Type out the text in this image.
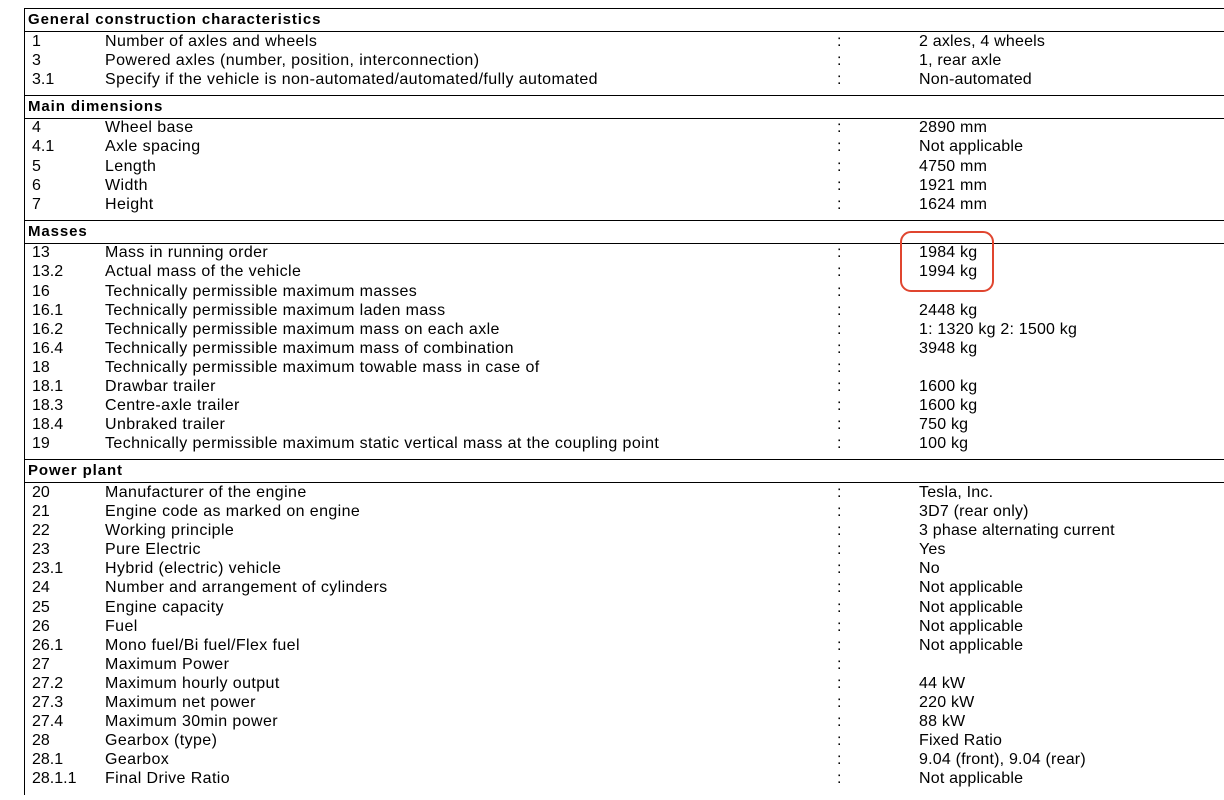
General construction characteristics
1	Number of axles and wheels	:	2 axles, 4 wheels
3	Powered axles (number, position, interconnection)	:	1, rear axle
3.1	Specify if the vehicle is non-automated/automated/fully automated	:	Non-automated
Main dimensions
4	Wheel base	:	2890 mm
4.1	Axle spacing	:	Not applicable
5	Length	:	4750 mm
6	Width	:	1921 mm
7	Height	:	1624 mm
Masses
13	Mass in running order	:	1984 kg
13.2	Actual mass of the vehicle	:	1994 kg
16	Technically permissible maximum masses	:
16.1	Technically permissible maximum laden mass	:	2448 kg
16.2	Technically permissible maximum mass on each axle	:	1: 1320 kg 2: 1500 kg
16.4	Technically permissible maximum mass of combination	:	3948 kg
18	Technically permissible maximum towable mass in case of	:
18.1	Drawbar trailer	:	1600 kg
18.3	Centre-axle trailer	:	1600 kg
18.4	Unbraked trailer	:	750 kg
19	Technically permissible maximum static vertical mass at the coupling point	:	100 kg
Power plant
20	Manufacturer of the engine	:	Tesla, Inc.
21	Engine code as marked on engine	:	3D7 (rear only)
22	Working principle	:	3 phase alternating current
23	Pure Electric	:	Yes
23.1	Hybrid (electric) vehicle	:	No
24	Number and arrangement of cylinders	:	Not applicable
25	Engine capacity	:	Not applicable
26	Fuel	:	Not applicable
26.1	Mono fuel/Bi fuel/Flex fuel	:	Not applicable
27	Maximum Power	:
27.2	Maximum hourly output	:	44 kW
27.3	Maximum net power	:	220 kW
27.4	Maximum 30min power	:	88 kW
28	Gearbox (type)	:	Fixed Ratio
28.1	Gearbox	:	9.04 (front), 9.04 (rear)
28.1.1 Final Drive Ratio	:	Not applicable
